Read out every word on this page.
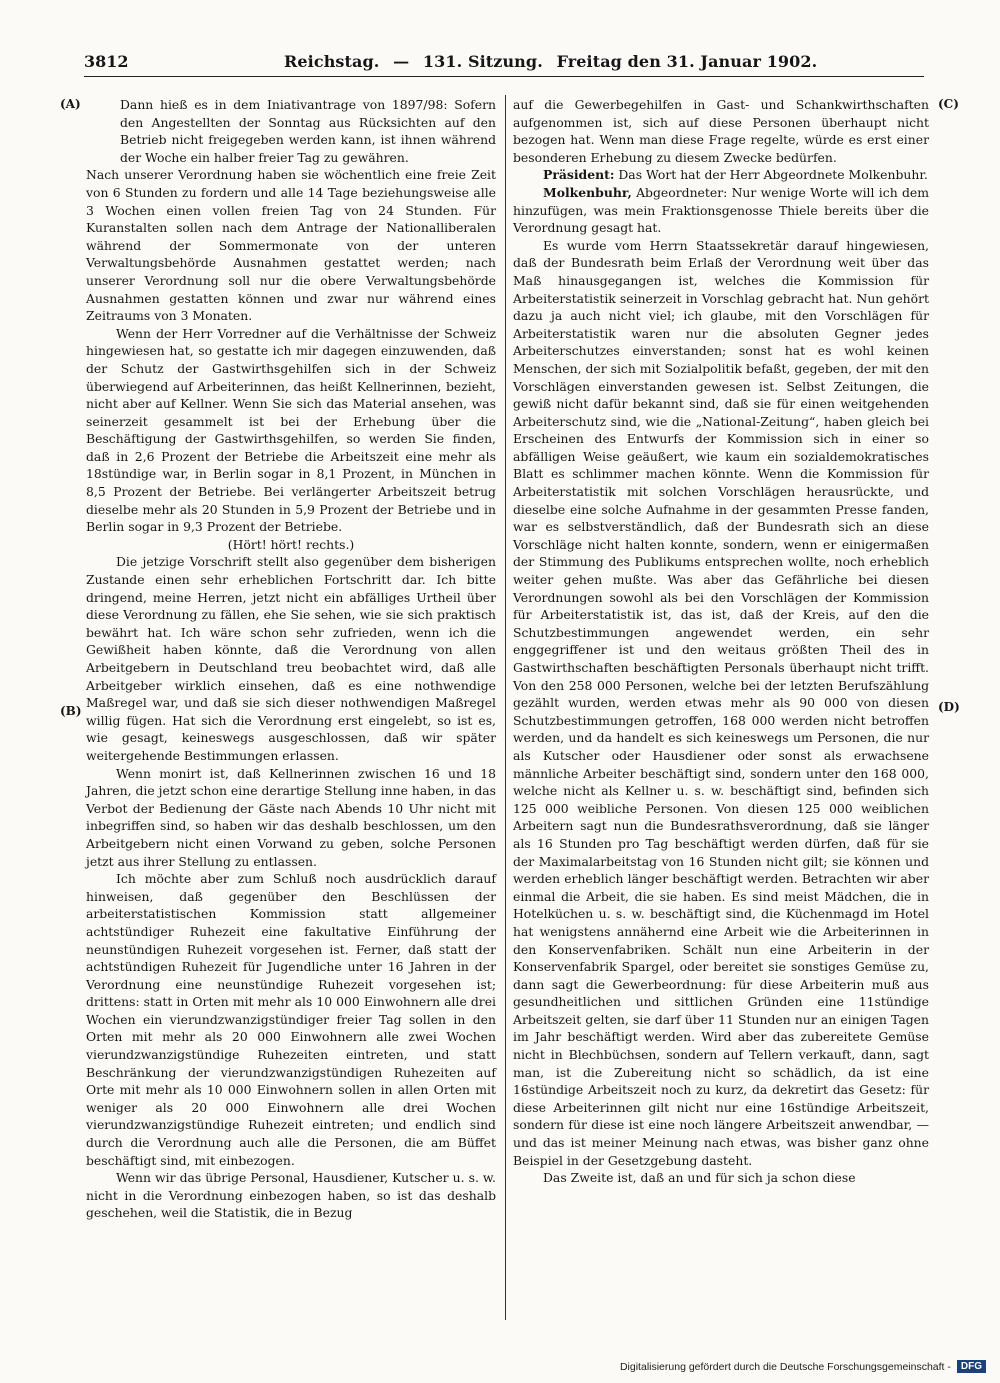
3812	Reichstag. — 131. Sitzung. Freitag den 31. Januar 1902.
(A)
(B)
(C)
(D)

Dann hieß es in dem Iniativantrage von 1897/98: Sofern den Angestellten der Sonntag aus Rücksichten auf den Betrieb nicht freigegeben werden kann, ist ihnen während der Woche ein halber freier Tag zu gewähren.

Nach unserer Verordnung haben sie wöchentlich eine freie Zeit von 6 Stunden zu fordern und alle 14 Tage beziehungsweise alle 3 Wochen einen vollen freien Tag von 24 Stunden. Für Kuranstalten sollen nach dem Antrage der Nationalliberalen während der Sommermonate von der unteren Verwaltungsbehörde Ausnahmen gestattet werden; nach unserer Verordnung soll nur die obere Verwaltungsbehörde Ausnahmen gestatten können und zwar nur während eines Zeitraums von 3 Monaten.

Wenn der Herr Vorredner auf die Verhältnisse der Schweiz hingewiesen hat, so gestatte ich mir dagegen einzuwenden, daß der Schutz der Gastwirthsgehilfen sich in der Schweiz überwiegend auf Arbeiterinnen, das heißt Kellnerinnen, bezieht, nicht aber auf Kellner. Wenn Sie sich das Material ansehen, was seinerzeit gesammelt ist bei der Erhebung über die Beschäftigung der Gastwirthsgehilfen, so werden Sie finden, daß in 2,6 Prozent der Betriebe die Arbeitszeit eine mehr als 18stündige war, in Berlin sogar in 8,1 Prozent, in München in 8,5 Prozent der Betriebe. Bei verlängerter Arbeitszeit betrug dieselbe mehr als 20 Stunden in 5,9 Prozent der Betriebe und in Berlin sogar in 9,3 Prozent der Betriebe.

(Hört! hört! rechts.)

Die jetzige Vorschrift stellt also gegenüber dem bisherigen Zustande einen sehr erheblichen Fortschritt dar. Ich bitte dringend, meine Herren, jetzt nicht ein abfälliges Urtheil über diese Verordnung zu fällen, ehe Sie sehen, wie sie sich praktisch bewährt hat. Ich wäre schon sehr zufrieden, wenn ich die Gewißheit haben könnte, daß die Verordnung von allen Arbeitgebern in Deutschland treu beobachtet wird, daß alle Arbeitgeber wirklich einsehen, daß es eine nothwendige Maßregel war, und daß sie sich dieser nothwendigen Maßregel willig fügen. Hat sich die Verordnung erst eingelebt, so ist es, wie gesagt, keineswegs ausgeschlossen, daß wir später weitergehende Bestimmungen erlassen.

Wenn monirt ist, daß Kellnerinnen zwischen 16 und 18 Jahren, die jetzt schon eine derartige Stellung inne haben, in das Verbot der Bedienung der Gäste nach Abends 10 Uhr nicht mit inbegriffen sind, so haben wir das deshalb beschlossen, um den Arbeitgebern nicht einen Vorwand zu geben, solche Personen jetzt aus ihrer Stellung zu entlassen.

Ich möchte aber zum Schluß noch ausdrücklich darauf hinweisen, daß gegenüber den Beschlüssen der arbeiterstatistischen Kommission statt allgemeiner achtstündiger Ruhezeit eine fakultative Einführung der neunstündigen Ruhezeit vorgesehen ist. Ferner, daß statt der achtstündigen Ruhezeit für Jugendliche unter 16 Jahren in der Verordnung eine neunstündige Ruhezeit vorgesehen ist; drittens: statt in Orten mit mehr als 10 000 Einwohnern alle drei Wochen ein vierundzwanzigstündiger freier Tag sollen in den Orten mit mehr als 20 000 Einwohnern alle zwei Wochen vierundzwanzigstündige Ruhezeiten eintreten, und statt Beschränkung der vierundzwanzigstündigen Ruhezeiten auf Orte mit mehr als 10 000 Einwohnern sollen in allen Orten mit weniger als 20 000 Einwohnern alle drei Wochen vierundzwanzigstündige Ruhezeit eintreten; und endlich sind durch die Verordnung auch alle die Personen, die am Büffet beschäftigt sind, mit einbezogen.

Wenn wir das übrige Personal, Hausdiener, Kutscher u. s. w. nicht in die Verordnung einbezogen haben, so ist das deshalb geschehen, weil die Statistik, die in Bezug

auf die Gewerbegehilfen in Gast- und Schankwirthschaften aufgenommen ist, sich auf diese Personen überhaupt nicht bezogen hat. Wenn man diese Frage regelte, würde es erst einer besonderen Erhebung zu diesem Zwecke bedürfen.

Präsident: Das Wort hat der Herr Abgeordnete Molkenbuhr.

Molkenbuhr, Abgeordneter: Nur wenige Worte will ich dem hinzufügen, was mein Fraktionsgenosse Thiele bereits über die Verordnung gesagt hat.

Es wurde vom Herrn Staatssekretär darauf hingewiesen, daß der Bundesrath beim Erlaß der Verordnung weit über das Maß hinausgegangen ist, welches die Kommission für Arbeiterstatistik seinerzeit in Vorschlag gebracht hat. Nun gehört dazu ja auch nicht viel; ich glaube, mit den Vorschlägen für Arbeiterstatistik waren nur die absoluten Gegner jedes Arbeiterschutzes einverstanden; sonst hat es wohl keinen Menschen, der sich mit Sozialpolitik befaßt, gegeben, der mit den Vorschlägen einverstanden gewesen ist. Selbst Zeitungen, die gewiß nicht dafür bekannt sind, daß sie für einen weitgehenden Arbeiterschutz sind, wie die „National-Zeitung“, haben gleich bei Erscheinen des Entwurfs der Kommission sich in einer so abfälligen Weise geäußert, wie kaum ein sozialdemokratisches Blatt es schlimmer machen könnte. Wenn die Kommission für Arbeiterstatistik mit solchen Vorschlägen herausrückte, und dieselbe eine solche Aufnahme in der gesammten Presse fanden, war es selbstverständlich, daß der Bundesrath sich an diese Vorschläge nicht halten konnte, sondern, wenn er einigermaßen der Stimmung des Publikums entsprechen wollte, noch erheblich weiter gehen mußte. Was aber das Gefährliche bei diesen Verordnungen sowohl als bei den Vorschlägen der Kommission für Arbeiterstatistik ist, das ist, daß der Kreis, auf den die Schutzbestimmungen angewendet werden, ein sehr enggegriffener ist und den weitaus größten Theil des in Gastwirthschaften beschäftigten Personals überhaupt nicht trifft. Von den 258 000 Personen, welche bei der letzten Berufszählung gezählt wurden, werden etwas mehr als 90 000 von diesen Schutzbestimmungen getroffen, 168 000 werden nicht betroffen werden, und da handelt es sich keineswegs um Personen, die nur als Kutscher oder Hausdiener oder sonst als erwachsene männliche Arbeiter beschäftigt sind, sondern unter den 168 000, welche nicht als Kellner u. s. w. beschäftigt sind, befinden sich 125 000 weibliche Personen. Von diesen 125 000 weiblichen Arbeitern sagt nun die Bundesrathsverordnung, daß sie länger als 16 Stunden pro Tag beschäftigt werden dürfen, daß für sie der Maximalarbeitstag von 16 Stunden nicht gilt; sie können und werden erheblich länger beschäftigt werden. Betrachten wir aber einmal die Arbeit, die sie haben. Es sind meist Mädchen, die in Hotelküchen u. s. w. beschäftigt sind, die Küchenmagd im Hotel hat wenigstens annähernd eine Arbeit wie die Arbeiterinnen in den Konservenfabriken. Schält nun eine Arbeiterin in der Konservenfabrik Spargel, oder bereitet sie sonstiges Gemüse zu, dann sagt die Gewerbeordnung: für diese Arbeiterin muß aus gesundheitlichen und sittlichen Gründen eine 11stündige Arbeitszeit gelten, sie darf über 11 Stunden nur an einigen Tagen im Jahr beschäftigt werden. Wird aber das zubereitete Gemüse nicht in Blechbüchsen, sondern auf Tellern verkauft, dann, sagt man, ist die Zubereitung nicht so schädlich, da ist eine 16stündige Arbeitszeit noch zu kurz, da dekretirt das Gesetz: für diese Arbeiterinnen gilt nicht nur eine 16stündige Arbeitszeit, sondern für diese ist eine noch längere Arbeitszeit anwendbar, — und das ist meiner Meinung nach etwas, was bisher ganz ohne Beispiel in der Gesetzgebung dasteht.

Das Zweite ist, daß an und für sich ja schon diese

Digitalisierung gefördert durch die Deutsche Forschungsgemeinschaft -	DFG
